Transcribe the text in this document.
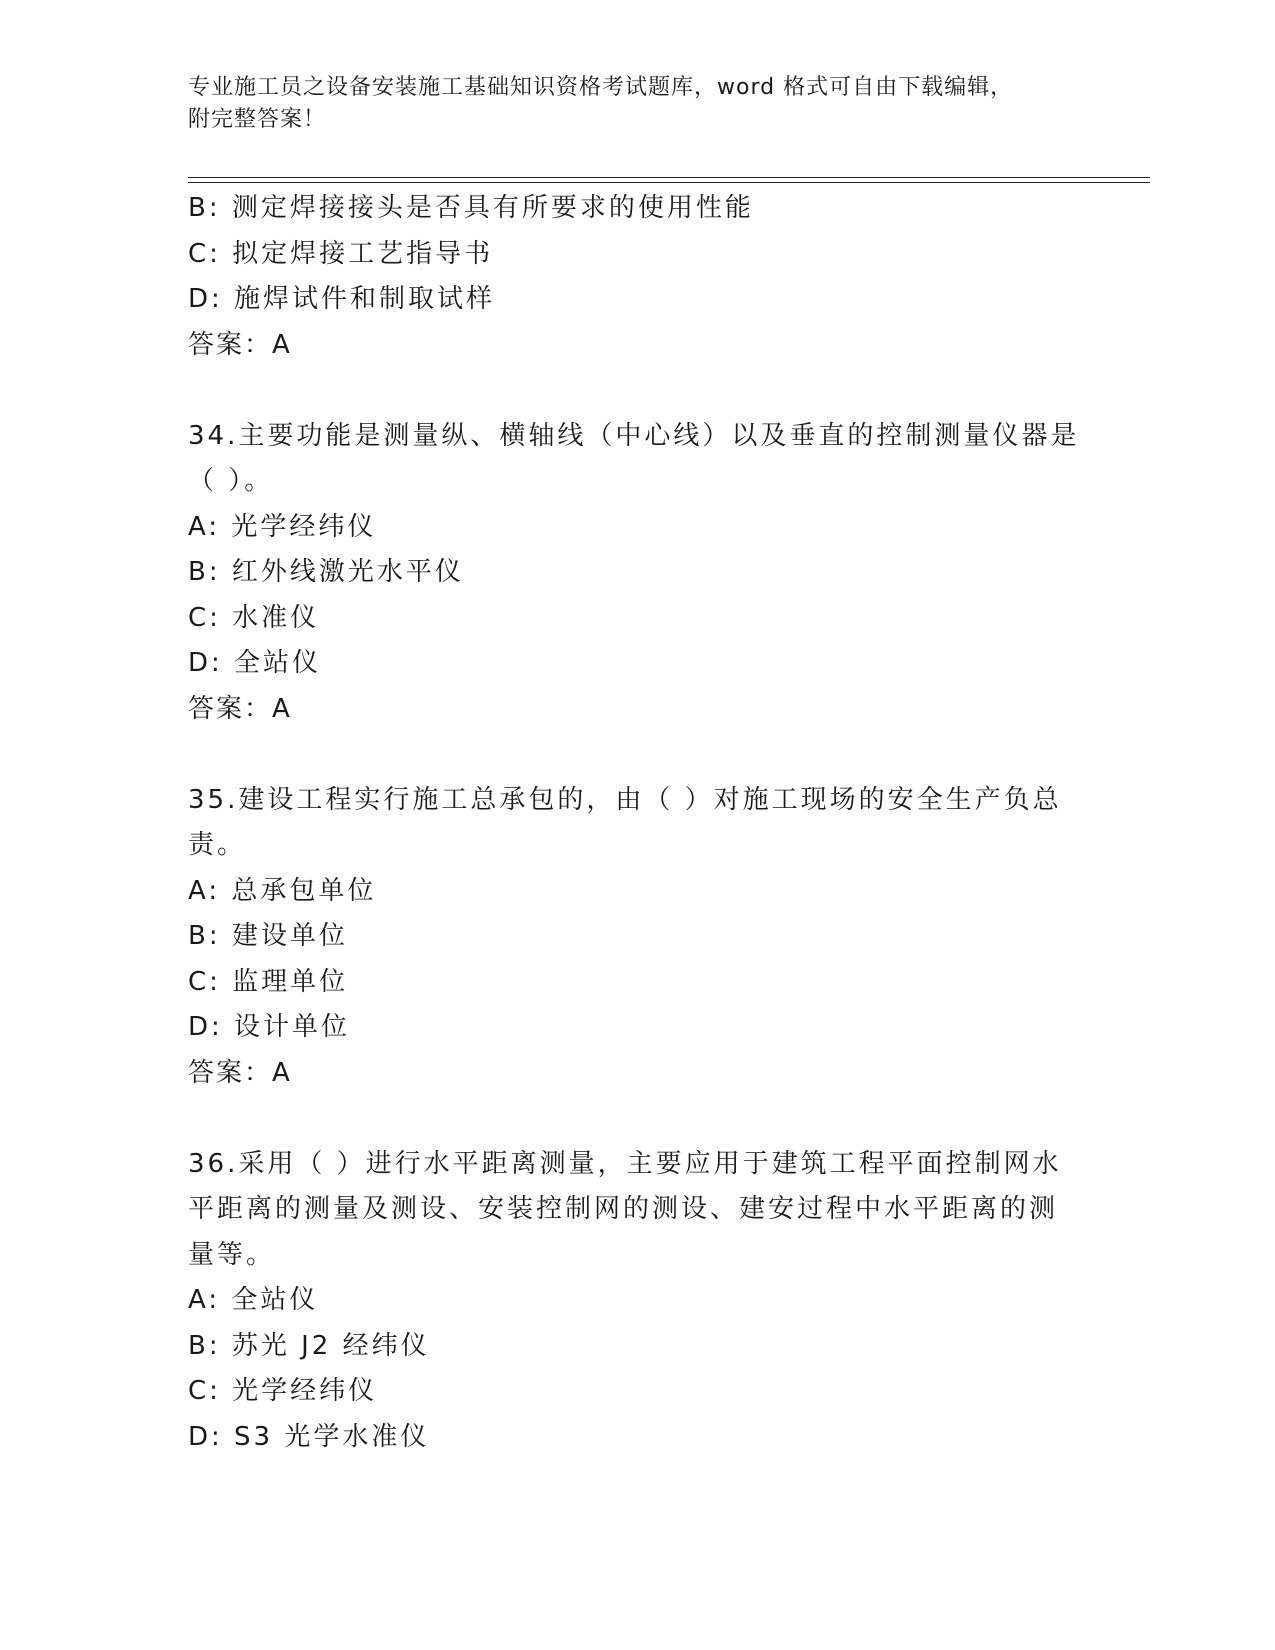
专业施工员之设备安装施工基础知识资格考试题库，word 格式可自由下载编辑，
附完整答案！
B: 测定焊接接头是否具有所要求的使用性能
C: 拟定焊接工艺指导书
D: 施焊试件和制取试样
答案：A
34.主要功能是测量纵、横轴线（中心线）以及垂直的控制测量仪器是
（ ）。
A: 光学经纬仪
B: 红外线激光水平仪
C: 水准仪
D: 全站仪
答案：A
35.建设工程实行施工总承包的，由（ ）对施工现场的安全生产负总
责。
A: 总承包单位
B: 建设单位
C: 监理单位
D: 设计单位
答案：A
36.采用（ ）进行水平距离测量，主要应用于建筑工程平面控制网水
平距离的测量及测设、安装控制网的测设、建安过程中水平距离的测
量等。
A: 全站仪
B: 苏光 J2 经纬仪
C: 光学经纬仪
D: S3 光学水准仪
